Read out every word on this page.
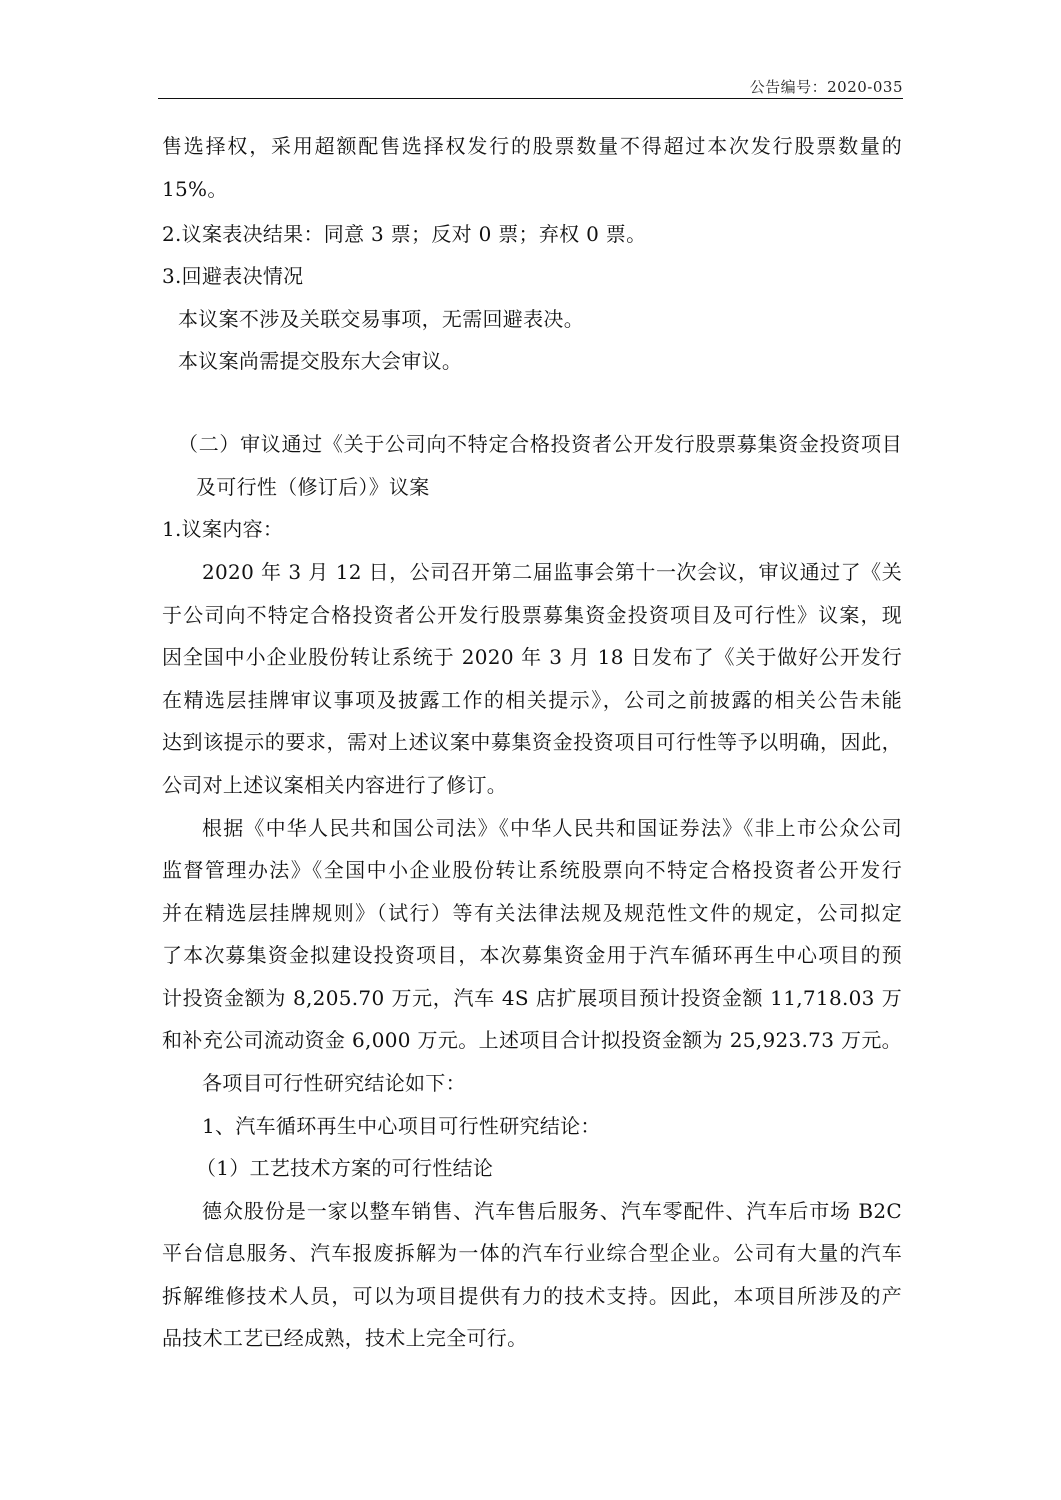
公告编号：2020-035
售选择权，采用超额配售选择权发行的股票数量不得超过本次发行股票数量的
15%。
2.议案表决结果：同意 3 票；反对 0 票；弃权 0 票。
3.回避表决情况
本议案不涉及关联交易事项，无需回避表决。
本议案尚需提交股东大会审议。
（二）审议通过《关于公司向不特定合格投资者公开发行股票募集资金投资项目
及可行性（修订后）》议案
1.议案内容：
2020 年 3 月 12 日，公司召开第二届监事会第十一次会议，审议通过了《关
于公司向不特定合格投资者公开发行股票募集资金投资项目及可行性》议案，现
因全国中小企业股份转让系统于 2020 年 3 月 18 日发布了《关于做好公开发行
在精选层挂牌审议事项及披露工作的相关提示》，公司之前披露的相关公告未能
达到该提示的要求，需对上述议案中募集资金投资项目可行性等予以明确，因此，
公司对上述议案相关内容进行了修订。
根据《中华人民共和国公司法》《中华人民共和国证券法》《非上市公众公司
监督管理办法》《全国中小企业股份转让系统股票向不特定合格投资者公开发行
并在精选层挂牌规则》（试行）等有关法律法规及规范性文件的规定，公司拟定
了本次募集资金拟建设投资项目，本次募集资金用于汽车循环再生中心项目的预
计投资金额为 8,205.70 万元，汽车 4S 店扩展项目预计投资金额 11,718.03 万
和补充公司流动资金 6,000 万元。上述项目合计拟投资金额为 25,923.73 万元。
各项目可行性研究结论如下：
1、汽车循环再生中心项目可行性研究结论：
（1）工艺技术方案的可行性结论
德众股份是一家以整车销售、汽车售后服务、汽车零配件、汽车后市场 B2C
平台信息服务、汽车报废拆解为一体的汽车行业综合型企业。公司有大量的汽车
拆解维修技术人员，可以为项目提供有力的技术支持。因此，本项目所涉及的产
品技术工艺已经成熟，技术上完全可行。
